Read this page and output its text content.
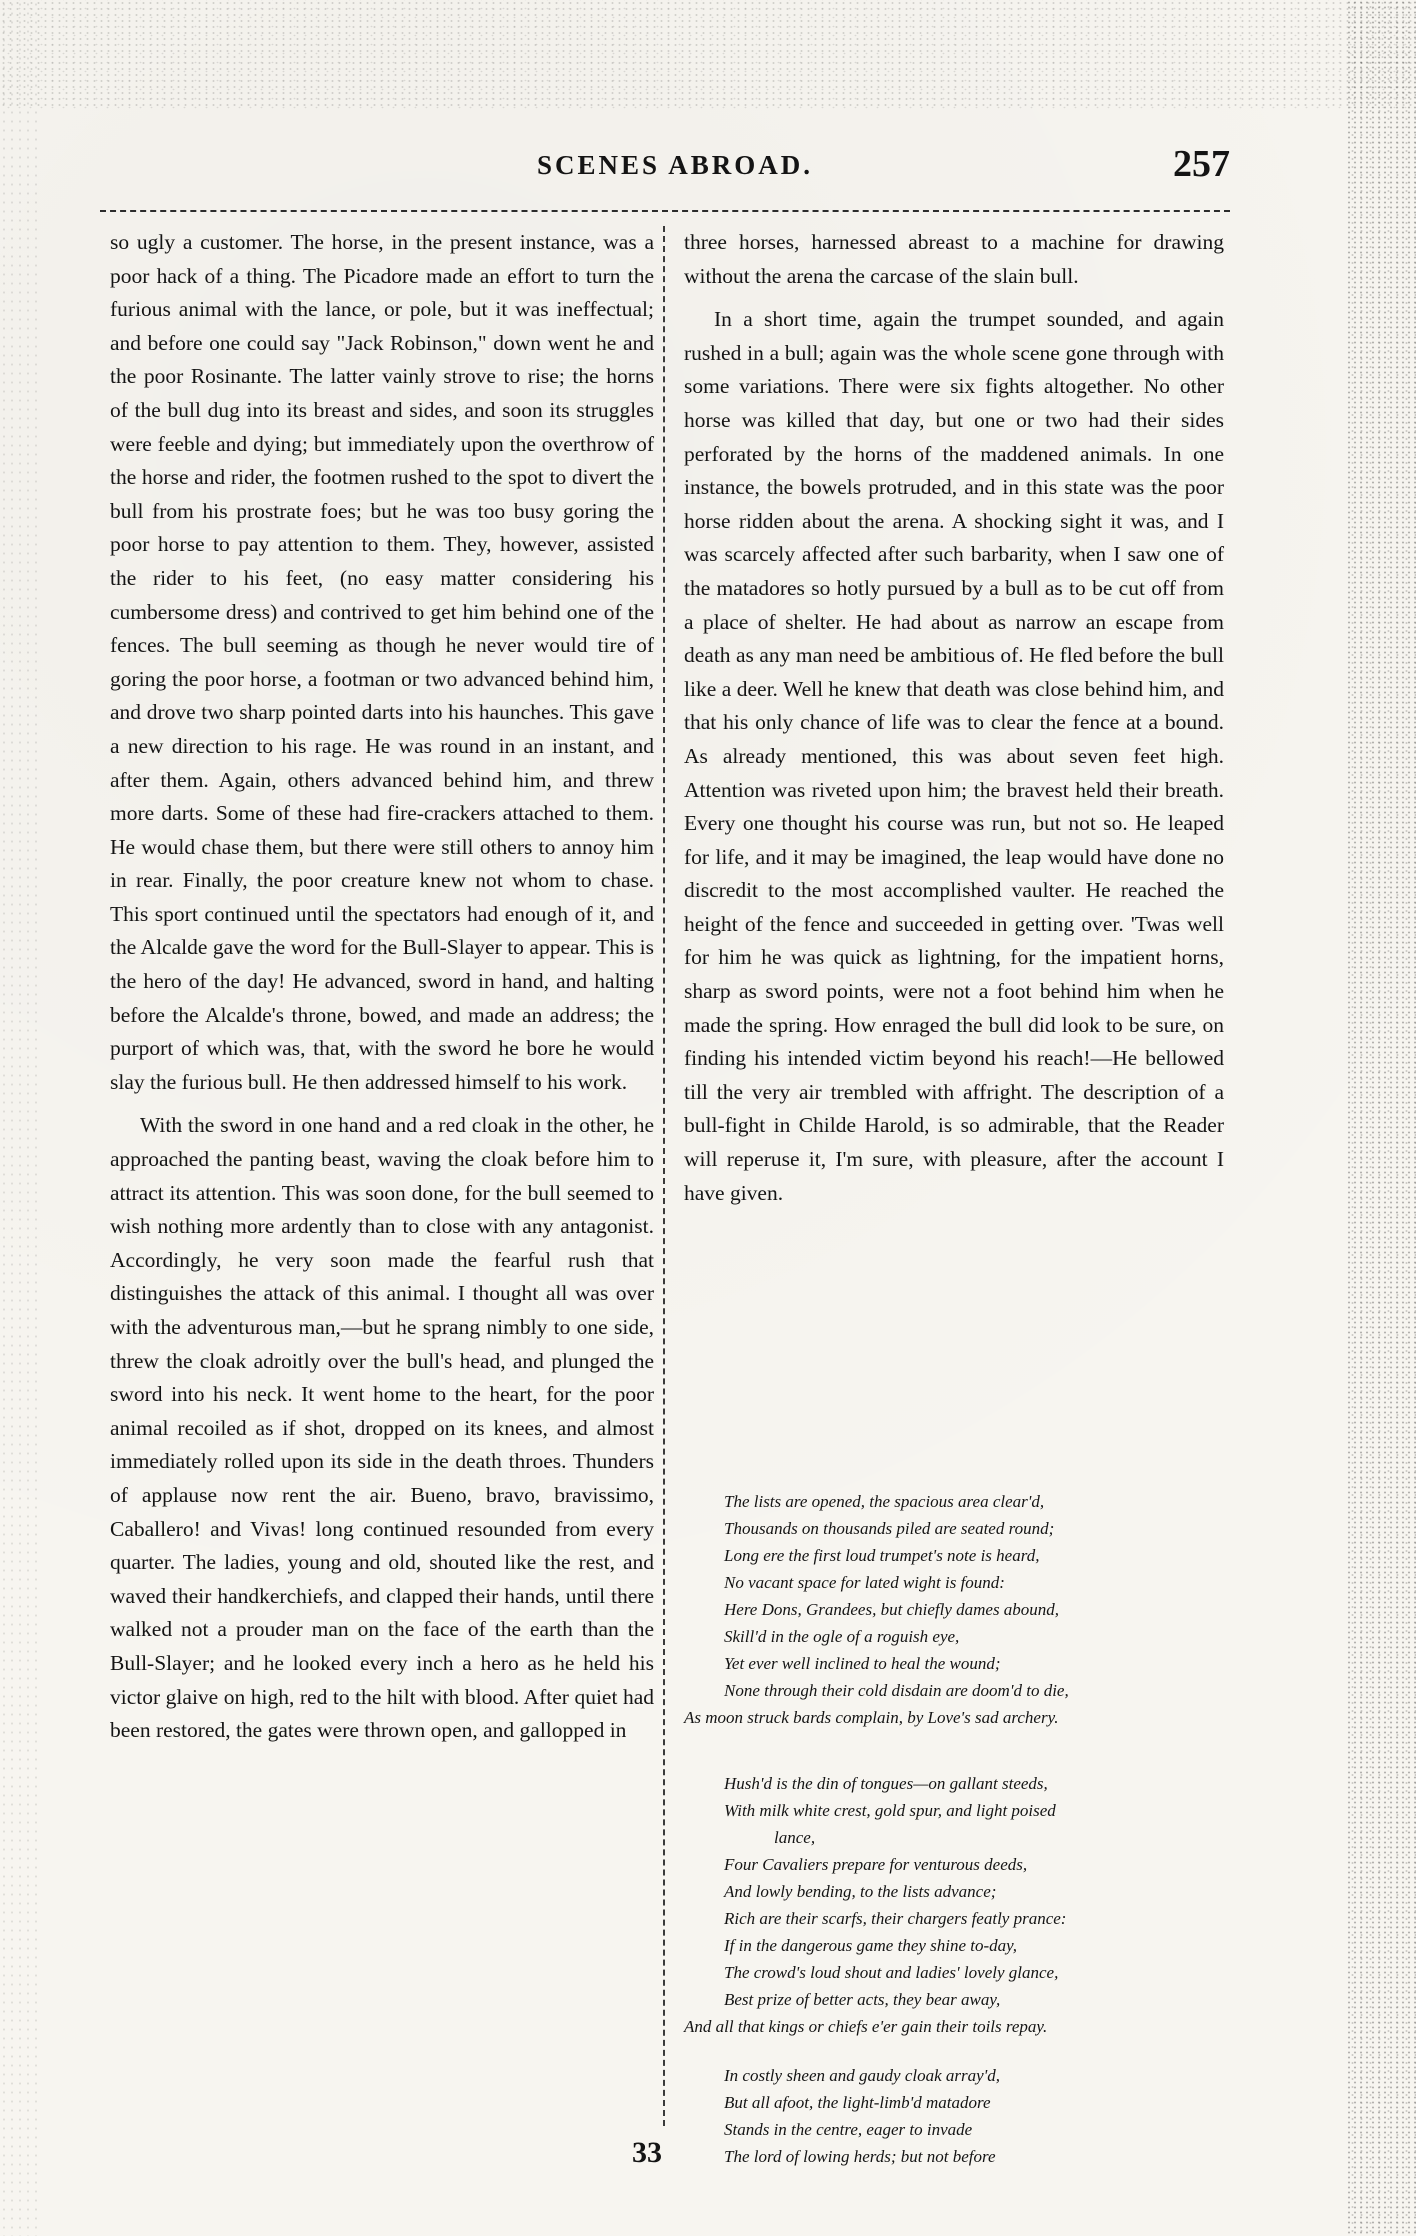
SCENES ABROAD.	257

so ugly a customer. The horse, in the present instance, was a poor hack of a thing. The Picadore made an effort to turn the furious animal with the lance, or pole, but it was ineffectual; and before one could say "Jack Robinson," down went he and the poor Rosinante. The latter vainly strove to rise; the horns of the bull dug into its breast and sides, and soon its struggles were feeble and dying; but immediately upon the overthrow of the horse and rider, the footmen rushed to the spot to divert the bull from his prostrate foes; but he was too busy goring the poor horse to pay attention to them. They, however, assisted the rider to his feet, (no easy matter considering his cumbersome dress) and contrived to get him behind one of the fences. The bull seeming as though he never would tire of goring the poor horse, a footman or two advanced behind him, and drove two sharp pointed darts into his haunches. This gave a new direction to his rage. He was round in an instant, and after them. Again, others advanced behind him, and threw more darts. Some of these had fire-crackers attached to them. He would chase them, but there were still others to annoy him in rear. Finally, the poor creature knew not whom to chase. This sport continued until the spectators had enough of it, and the Alcalde gave the word for the Bull-Slayer to appear. This is the hero of the day! He advanced, sword in hand, and halting before the Alcalde's throne, bowed, and made an address; the purport of which was, that, with the sword he bore he would slay the furious bull. He then addressed himself to his work.

With the sword in one hand and a red cloak in the other, he approached the panting beast, waving the cloak before him to attract its attention. This was soon done, for the bull seemed to wish nothing more ardently than to close with any antagonist. Accordingly, he very soon made the fearful rush that distinguishes the attack of this animal. I thought all was over with the adventurous man,—but he sprang nimbly to one side, threw the cloak adroitly over the bull's head, and plunged the sword into his neck. It went home to the heart, for the poor animal recoiled as if shot, dropped on its knees, and almost immediately rolled upon its side in the death throes. Thunders of applause now rent the air. Bueno, bravo, bravissimo, Caballero! and Vivas! long continued resounded from every quarter. The ladies, young and old, shouted like the rest, and waved their handkerchiefs, and clapped their hands, until there walked not a prouder man on the face of the earth than the Bull-Slayer; and he looked every inch a hero as he held his victor glaive on high, red to the hilt with blood. After quiet had been restored, the gates were thrown open, and gallopped in

three horses, harnessed abreast to a machine for drawing without the arena the carcase of the slain bull.

In a short time, again the trumpet sounded, and again rushed in a bull; again was the whole scene gone through with some variations. There were six fights altogether. No other horse was killed that day, but one or two had their sides perforated by the horns of the maddened animals. In one instance, the bowels protruded, and in this state was the poor horse ridden about the arena. A shocking sight it was, and I was scarcely affected after such barbarity, when I saw one of the matadores so hotly pursued by a bull as to be cut off from a place of shelter. He had about as narrow an escape from death as any man need be ambitious of. He fled before the bull like a deer. Well he knew that death was close behind him, and that his only chance of life was to clear the fence at a bound. As already mentioned, this was about seven feet high. Attention was riveted upon him; the bravest held their breath. Every one thought his course was run, but not so. He leaped for life, and it may be imagined, the leap would have done no discredit to the most accomplished vaulter. He reached the height of the fence and succeeded in getting over. 'Twas well for him he was quick as lightning, for the impatient horns, sharp as sword points, were not a foot behind him when he made the spring. How enraged the bull did look to be sure, on finding his intended victim beyond his reach!—He bellowed till the very air trembled with affright. The description of a bull-fight in Childe Harold, is so admirable, that the Reader will reperuse it, I'm sure, with pleasure, after the account I have given.

The lists are opened, the spacious area clear'd,
Thousands on thousands piled are seated round;
Long ere the first loud trumpet's note is heard,
No vacant space for lated wight is found:
Here Dons, Grandees, but chiefly dames abound,
Skill'd in the ogle of a roguish eye,
Yet ever well inclined to heal the wound;
None through their cold disdain are doom'd to die,
As moon struck bards complain, by Love's sad archery.
Hush'd is the din of tongues—on gallant steeds,
With milk white crest, gold spur, and light poised
lance,
Four Cavaliers prepare for venturous deeds,
And lowly bending, to the lists advance;
Rich are their scarfs, their chargers featly prance:
If in the dangerous game they shine to-day,
The crowd's loud shout and ladies' lovely glance,
Best prize of better acts, they bear away,
And all that kings or chiefs e'er gain their toils repay.
In costly sheen and gaudy cloak array'd,
But all afoot, the light-limb'd matadore
Stands in the centre, eager to invade
The lord of lowing herds; but not before
33
